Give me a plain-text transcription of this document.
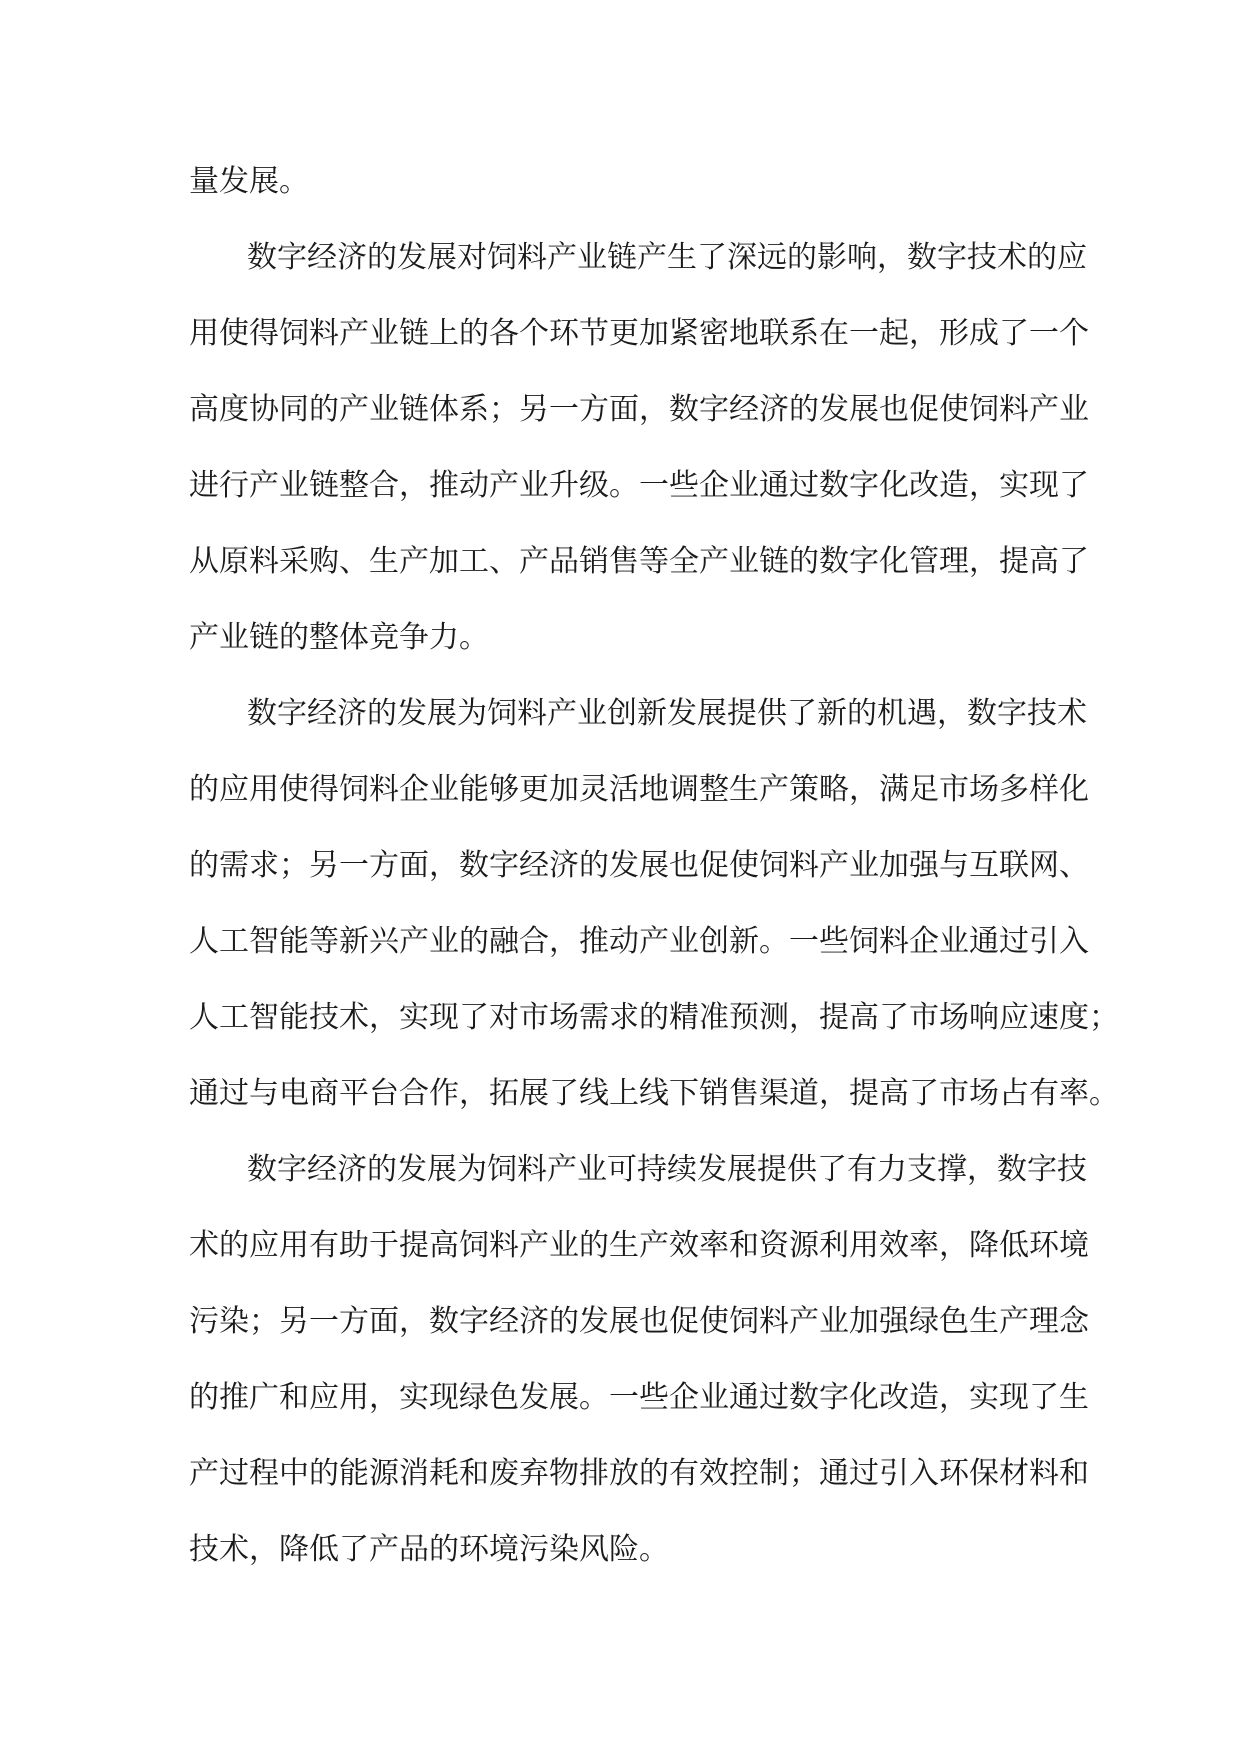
量发展。
数字经济的发展对饲料产业链产生了深远的影响，数字技术的应
用使得饲料产业链上的各个环节更加紧密地联系在一起，形成了一个
高度协同的产业链体系；另一方面，数字经济的发展也促使饲料产业
进行产业链整合，推动产业升级。一些企业通过数字化改造，实现了
从原料采购、生产加工、产品销售等全产业链的数字化管理，提高了
产业链的整体竞争力。
数字经济的发展为饲料产业创新发展提供了新的机遇，数字技术
的应用使得饲料企业能够更加灵活地调整生产策略，满足市场多样化
的需求；另一方面，数字经济的发展也促使饲料产业加强与互联网、
人工智能等新兴产业的融合，推动产业创新。一些饲料企业通过引入
人工智能技术，实现了对市场需求的精准预测，提高了市场响应速度；
通过与电商平台合作，拓展了线上线下销售渠道，提高了市场占有率。
数字经济的发展为饲料产业可持续发展提供了有力支撑，数字技
术的应用有助于提高饲料产业的生产效率和资源利用效率，降低环境
污染；另一方面，数字经济的发展也促使饲料产业加强绿色生产理念
的推广和应用，实现绿色发展。一些企业通过数字化改造，实现了生
产过程中的能源消耗和废弃物排放的有效控制；通过引入环保材料和
技术，降低了产品的环境污染风险。
